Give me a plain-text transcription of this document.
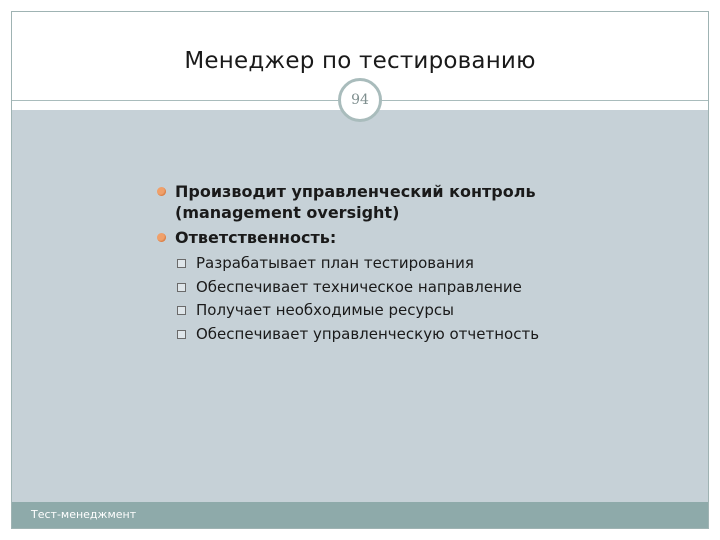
Менеджер по тестированию
94
Производит управленческий контроль
(management oversight)
Ответственность:
Разрабатывает план тестирования
Обеспечивает техническое направление
Получает необходимые ресурсы
Обеспечивает управленческую отчетность
Тест-менеджмент
